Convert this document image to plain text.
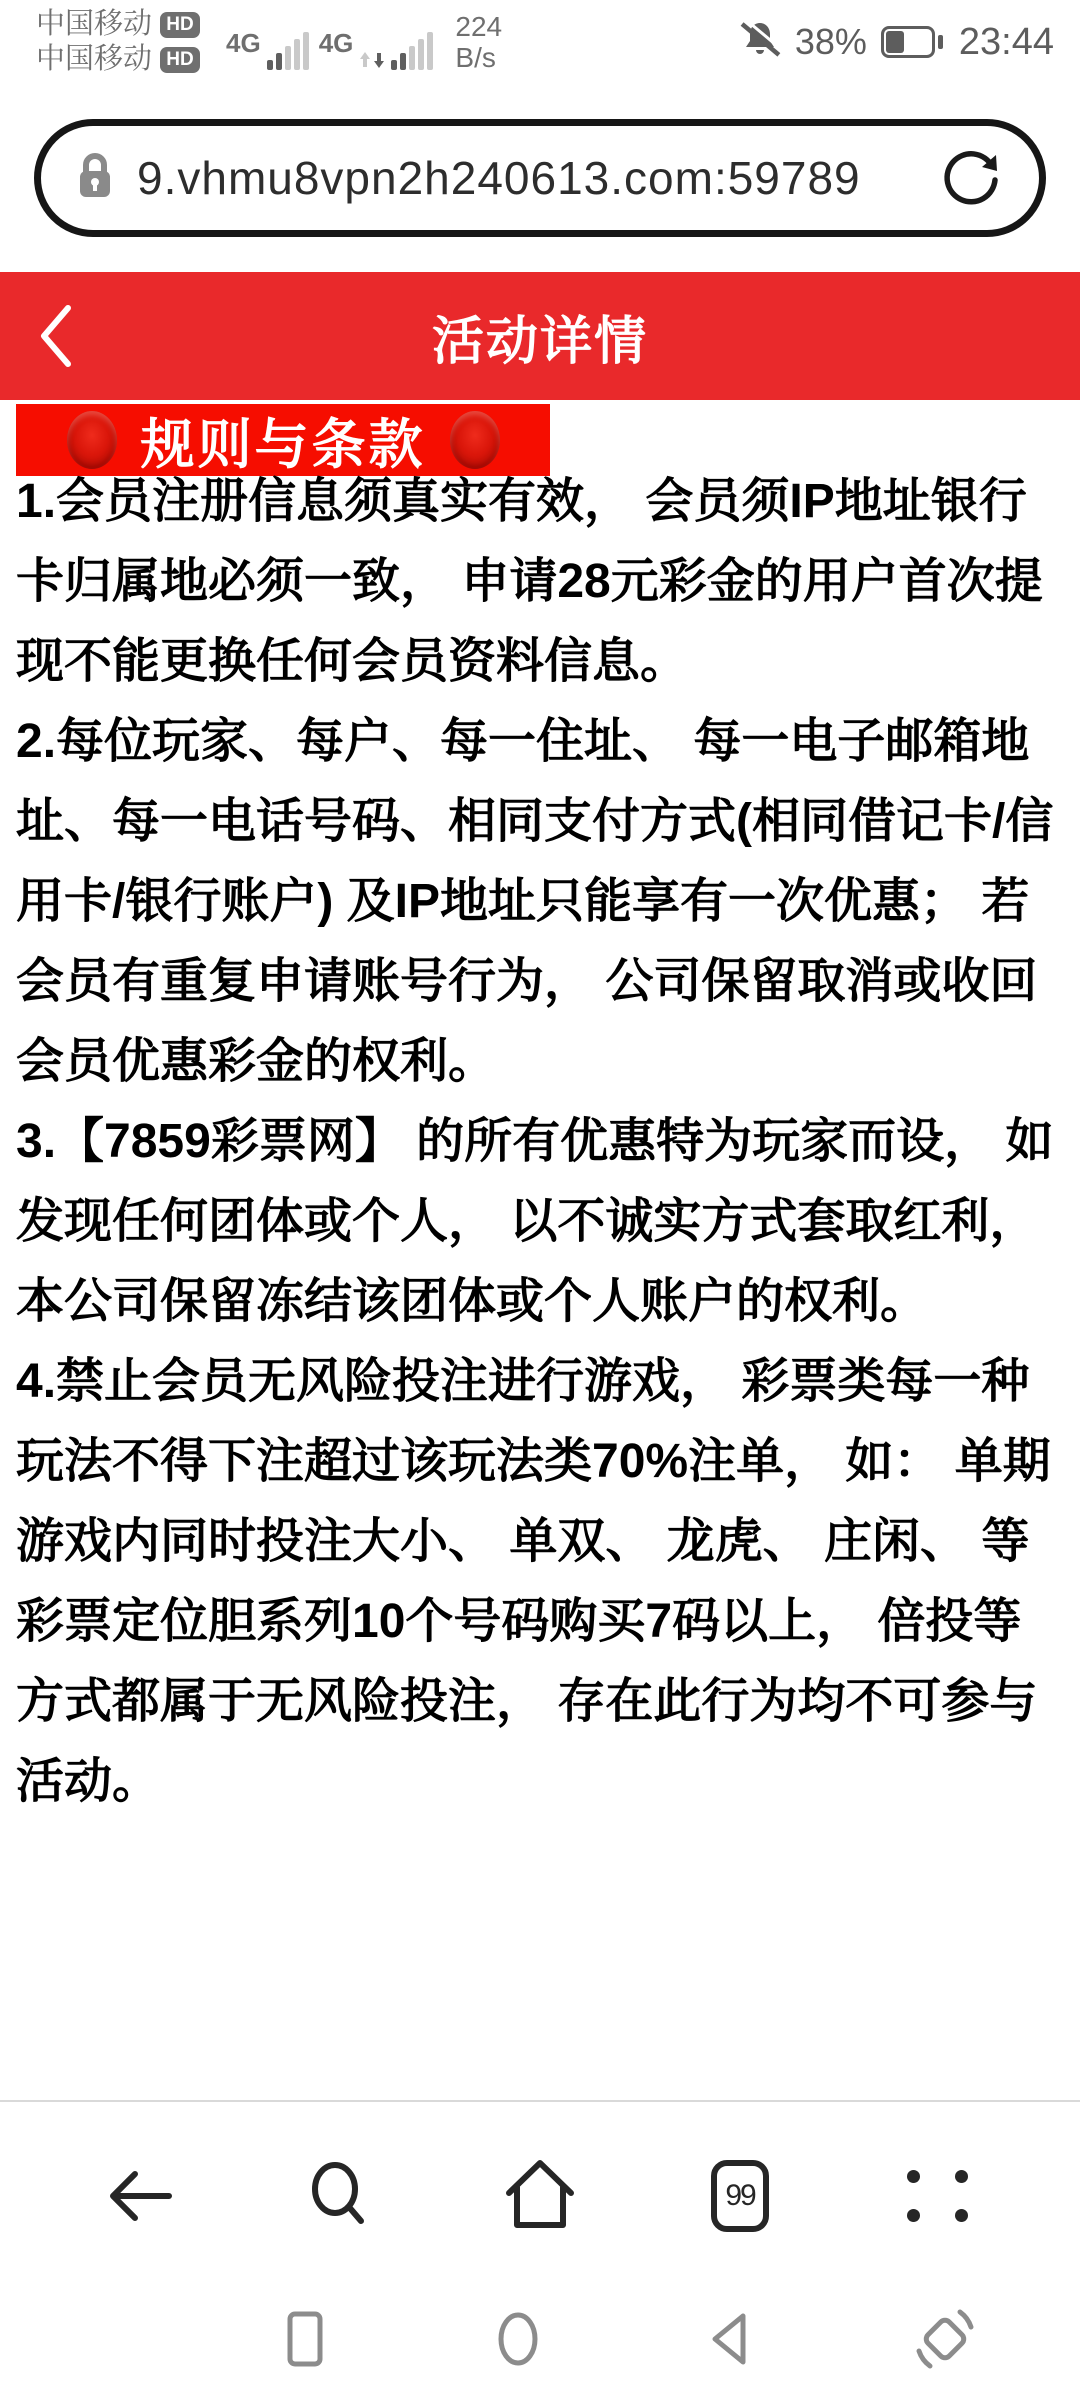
中国移动 HD
中国移动 HD
4G 4G
224
B/s	38% 23:44
9.vhmu8vpn2h240613.com:59789
活动详情
规则与条款

1.会员注册信息须真实有效， 会员须IP地址银行卡归属地必须一致， 申请28元彩金的用户首次提现不能更换任何会员资料信息。

2.每位玩家、每户、每一住址、 每一电子邮箱地址、每一电话号码、相同支付方式(相同借记卡/信用卡/银行账户) 及IP地址只能享有一次优惠； 若会员有重复申请账号行为， 公司保留取消或收回会员优惠彩金的权利。

3.【7859彩票网】 的所有优惠特为玩家而设， 如发现任何团体或个人， 以不诚实方式套取红利， 本公司保留冻结该团体或个人账户的权利。

4.禁止会员无风险投注进行游戏， 彩票类每一种玩法不得下注超过该玩法类70%注单， 如： 单期游戏内同时投注大小、 单双、 龙虎、 庄闲、 等彩票定位胆系列10个号码购买7码以上， 倍投等方式都属于无风险投注， 存在此行为均不可参与活动。

99
